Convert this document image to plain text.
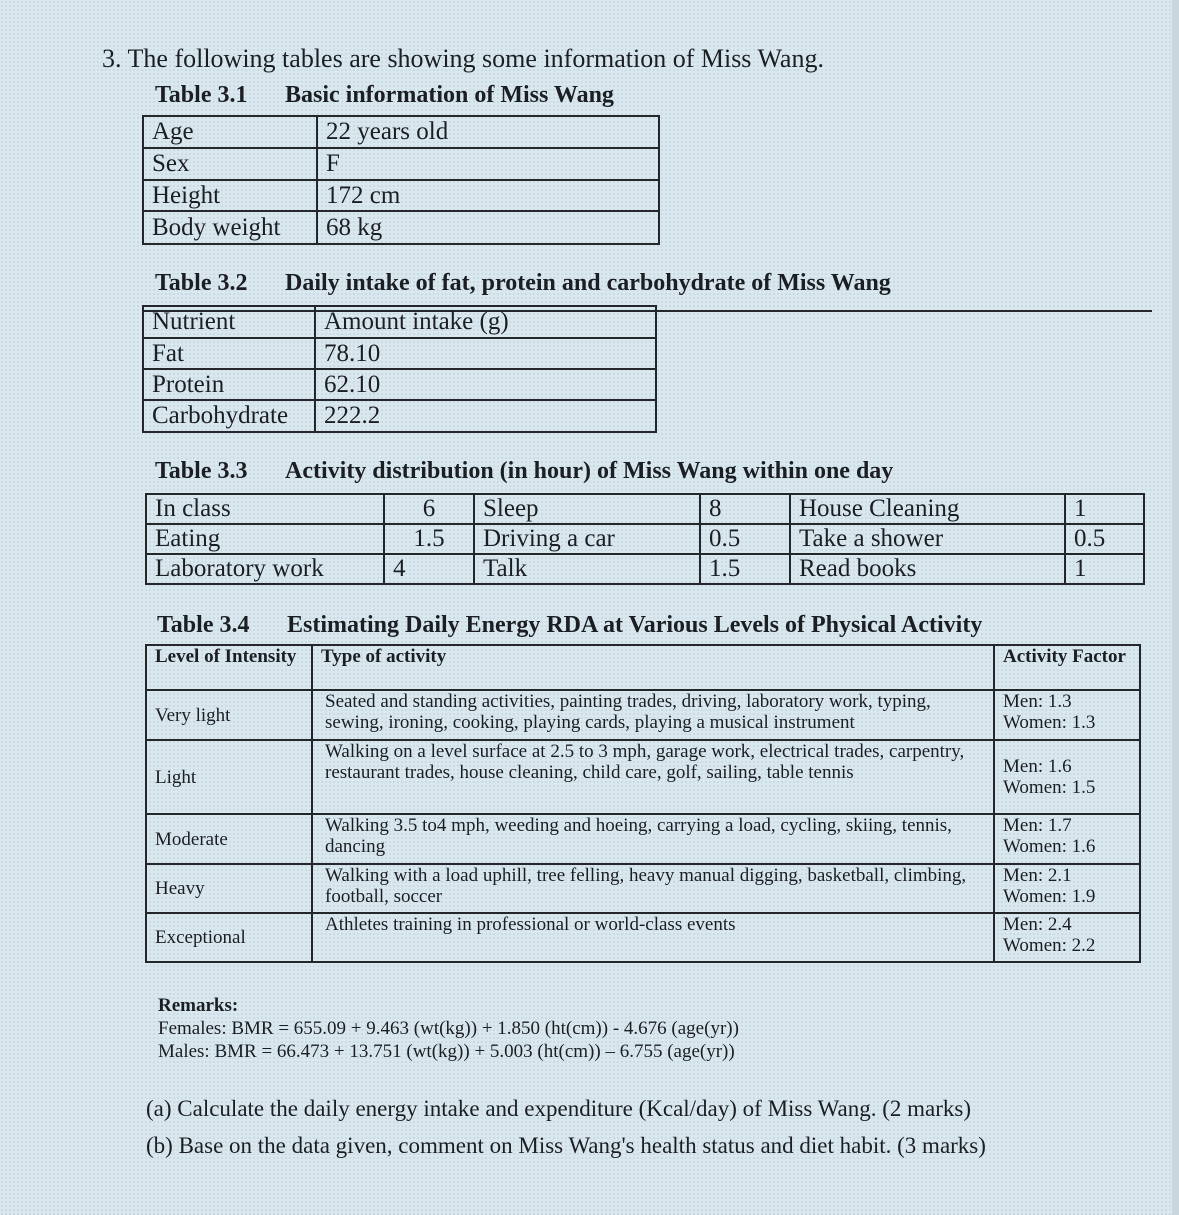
3. The following tables are showing some information of Miss Wang.
Table 3.1 Basic information of Miss Wang
Age	22 years old
Sex	F
Height	172 cm
Body weight	68 kg
Table 3.2 Daily intake of fat, protein and carbohydrate of Miss Wang
Nutrient	Amount intake (g)
Fat	78.10
Protein	62.10
Carbohydrate	222.2
Table 3.3 Activity distribution (in hour) of Miss Wang within one day
In class	6	Sleep	8	House Cleaning	1
Eating	1.5	Driving a car	0.5	Take a shower	0.5
Laboratory work	4	Talk	1.5	Read books	1
Table 3.4 Estimating Daily Energy RDA at Various Levels of Physical Activity
Level of Intensity	Type of activity	Activity Factor
Very light	Seated and standing activities, painting trades, driving, laboratory work, typing, sewing, ironing, cooking, playing cards, playing a musical instrument	Men: 1.3
Women: 1.3

Light	Walking on a level surface at 2.5 to 3 mph, garage work, electrical trades, carpentry, restaurant trades, house cleaning, child care, golf, sailing, table tennis	Men: 1.6
Women: 1.5

Moderate	Walking 3.5 to4 mph, weeding and hoeing, carrying a load, cycling, skiing, tennis, dancing	Men: 1.7
Women: 1.6

Heavy	Walking with a load uphill, tree felling, heavy manual digging, basketball, climbing, football, soccer	Men: 2.1
Women: 1.9

Exceptional	Athletes training in professional or world-class events	Men: 2.4
Women: 2.2
Remarks:
Females: BMR = 655.09 + 9.463 (wt(kg)) + 1.850 (ht(cm)) - 4.676 (age(yr))
Males: BMR = 66.473 + 13.751 (wt(kg)) + 5.003 (ht(cm)) – 6.755 (age(yr))
(a) Calculate the daily energy intake and expenditure (Kcal/day) of Miss Wang. (2 marks)
(b) Base on the data given, comment on Miss Wang's health status and diet habit. (3 marks)
